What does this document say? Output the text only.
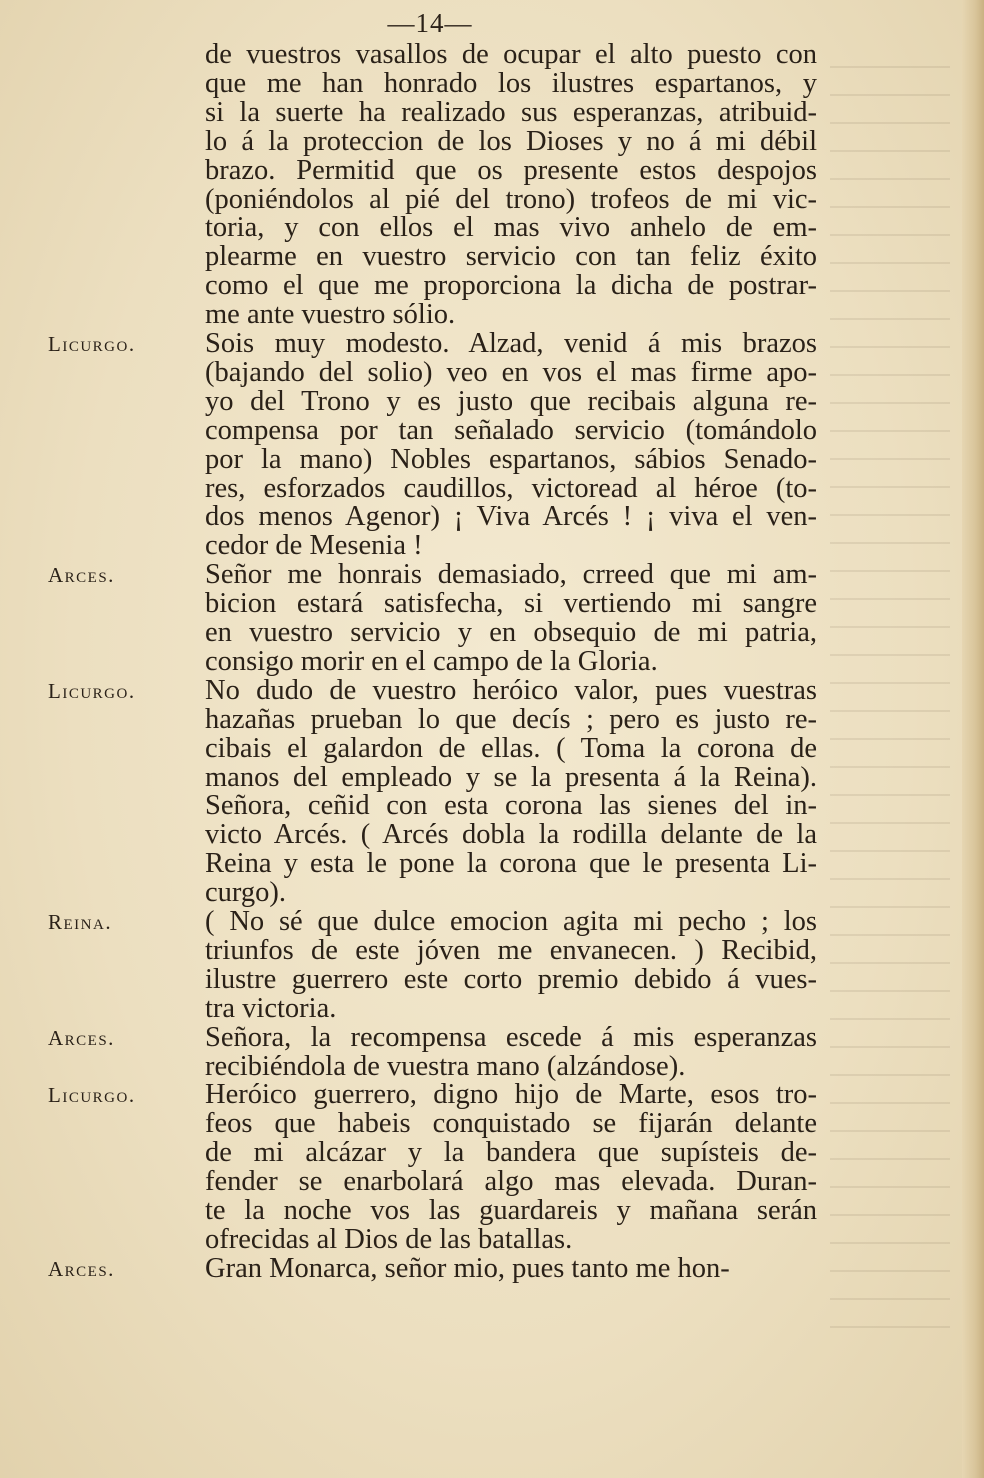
—14—
de vuestros vasallos de ocupar el alto puesto con
que me han honrado los ilustres espartanos, y
si la suerte ha realizado sus esperanzas, atribuid-
lo á la proteccion de los Dioses y no á mi débil
brazo. Permitid que os presente estos despojos
(poniéndolos al pié del trono) trofeos de mi vic-
toria, y con ellos el mas vivo anhelo de em-
plearme en vuestro servicio con tan feliz éxito
como el que me proporciona la dicha de postrar-
me ante vuestro sólio.
Licurgo.	Sois muy modesto. Alzad, venid á mis brazos
(bajando del solio) veo en vos el mas firme apo-
yo del Trono y es justo que recibais alguna re-
compensa por tan señalado servicio (tomándolo
por la mano) Nobles espartanos, sábios Senado-
res, esforzados caudillos, victoread al héroe (to-
dos menos Agenor) ¡ Viva Arcés ! ¡ viva el ven-
cedor de Mesenia !
Arces.	Señor me honrais demasiado, crreed que mi am-
bicion estará satisfecha, si vertiendo mi sangre
en vuestro servicio y en obsequio de mi patria,
consigo morir en el campo de la Gloria.
Licurgo.	No dudo de vuestro heróico valor, pues vuestras
hazañas prueban lo que decís ; pero es justo re-
cibais el galardon de ellas. ( Toma la corona de
manos del empleado y se la presenta á la Reina).
Señora, ceñid con esta corona las sienes del in-
victo Arcés. ( Arcés dobla la rodilla delante de la
Reina y esta le pone la corona que le presenta Li-
curgo).
Reina.	( No sé que dulce emocion agita mi pecho ; los
triunfos de este jóven me envanecen. ) Recibid,
ilustre guerrero este corto premio debido á vues-
tra victoria.
Arces.	Señora, la recompensa escede á mis esperanzas
recibiéndola de vuestra mano (alzándose).
Licurgo.	Heróico guerrero, digno hijo de Marte, esos tro-
feos que habeis conquistado se fijarán delante
de mi alcázar y la bandera que supísteis de-
fender se enarbolará algo mas elevada. Duran-
te la noche vos las guardareis y mañana serán
ofrecidas al Dios de las batallas.
Arces.	Gran Monarca, señor mio, pues tanto me hon-
